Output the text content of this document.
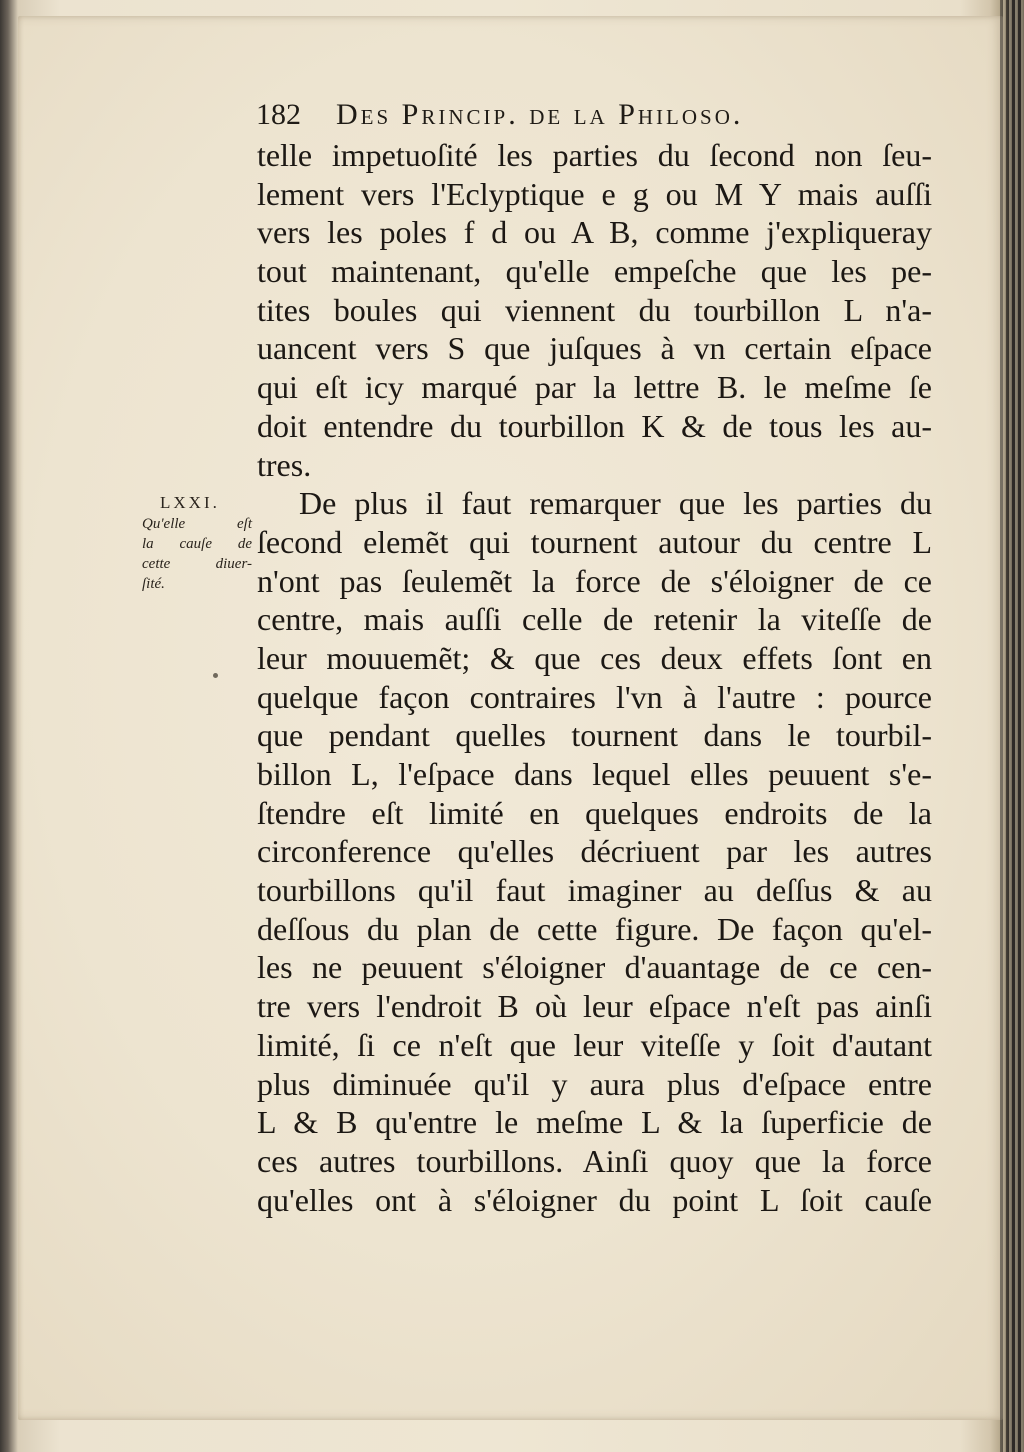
182 Des Princip. de la Philoso.
LXXI.
Qu'elle eſt
la cauſe de
cette diuer-
ſité.
telle impetuoſité les parties du ſecond non ſeu-
lement vers l'Eclyptique e g ou M Y mais auſſi
vers les poles f d ou A B, comme j'expliqueray
tout maintenant, qu'elle empeſche que les pe-
tites boules qui viennent du tourbillon L n'a-
uancent vers S que juſques à vn certain eſpace
qui eſt icy marqué par la lettre B. le meſme ſe
doit entendre du tourbillon K & de tous les au-
tres.
De plus il faut remarquer que les parties du
ſecond elemẽt qui tournent autour du centre L
n'ont pas ſeulemẽt la force de s'éloigner de ce
centre, mais auſſi celle de retenir la viteſſe de
leur mouuemẽt; & que ces deux effets ſont en
quelque façon contraires l'vn à l'autre : pource
que pendant quelles tournent dans le tourbil-
billon L, l'eſpace dans lequel elles peuuent s'e-
ſtendre eſt limité en quelques endroits de la
circonference qu'elles décriuent par les autres
tourbillons qu'il faut imaginer au deſſus & au
deſſous du plan de cette figure. De façon qu'el-
les ne peuuent s'éloigner d'auantage de ce cen-
tre vers l'endroit B où leur eſpace n'eſt pas ainſi
limité, ſi ce n'eſt que leur viteſſe y ſoit d'autant
plus diminuée qu'il y aura plus d'eſpace entre
L & B qu'entre le meſme L & la ſuperficie de
ces autres tourbillons. Ainſi quoy que la force
qu'elles ont à s'éloigner du point L ſoit cauſe
